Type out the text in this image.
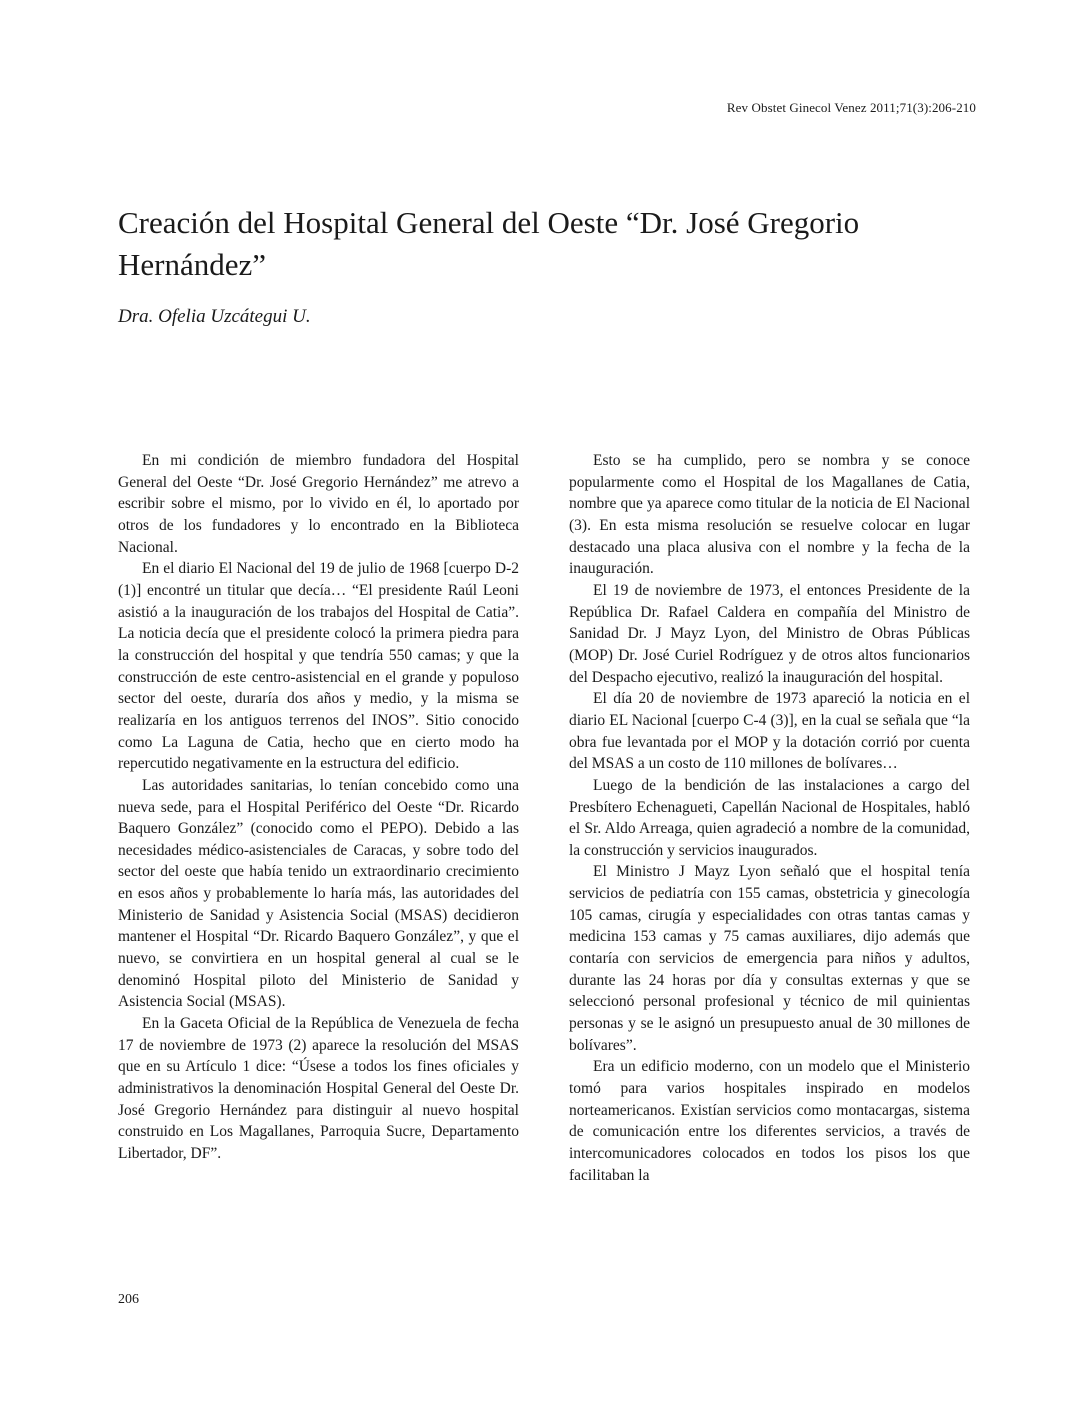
Rev Obstet Ginecol Venez 2011;71(3):206-210
Creación del Hospital General del Oeste “Dr. José Gregorio Hernández”

Dra. Ofelia Uzcátegui U.

En mi condición de miembro fundadora del Hospital General del Oeste “Dr. José Gregorio Hernández” me atrevo a escribir sobre el mismo, por lo vivido en él, lo aportado por otros de los fundadores y lo encontrado en la Biblioteca Nacional.

En el diario El Nacional del 19 de julio de 1968 [cuerpo D-2 (1)] encontré un titular que decía… “El presidente Raúl Leoni asistió a la inauguración de los trabajos del Hospital de Catia”. La noticia decía que el presidente colocó la primera piedra para la construcción del hospital y que tendría 550 camas; y que la construcción de este centro-asistencial en el grande y populoso sector del oeste, duraría dos años y medio, y la misma se realizaría en los antiguos terrenos del INOS”. Sitio conocido como La Laguna de Catia, hecho que en cierto modo ha repercutido negativamente en la estructura del edificio.

Las autoridades sanitarias, lo tenían concebido como una nueva sede, para el Hospital Periférico del Oeste “Dr. Ricardo Baquero González” (conocido como el PEPO). Debido a las necesidades médico-asistenciales de Caracas, y sobre todo del sector del oeste que había tenido un extraordinario crecimiento en esos años y probablemente lo haría más, las autoridades del Ministerio de Sanidad y Asistencia Social (MSAS) decidieron mantener el Hospital “Dr. Ricardo Baquero González”, y que el nuevo, se convirtiera en un hospital general al cual se le denominó Hospital piloto del Ministerio de Sanidad y Asistencia Social (MSAS).

En la Gaceta Oficial de la República de Venezuela de fecha 17 de noviembre de 1973 (2) aparece la resolución del MSAS que en su Artículo 1 dice: “Úsese a todos los fines oficiales y administrativos la denominación Hospital General del Oeste Dr. José Gregorio Hernández para distinguir al nuevo hospital construido en Los Magallanes, Parroquia Sucre, Departamento Libertador, DF”.

Esto se ha cumplido, pero se nombra y se conoce popularmente como el Hospital de los Magallanes de Catia, nombre que ya aparece como titular de la noticia de El Nacional (3). En esta misma resolución se resuelve colocar en lugar destacado una placa alusiva con el nombre y la fecha de la inauguración.

El 19 de noviembre de 1973, el entonces Presidente de la República Dr. Rafael Caldera en compañía del Ministro de Sanidad Dr. J Mayz Lyon, del Ministro de Obras Públicas (MOP) Dr. José Curiel Rodríguez y de otros altos funcionarios del Despacho ejecutivo, realizó la inauguración del hospital.

El día 20 de noviembre de 1973 apareció la noticia en el diario EL Nacional [cuerpo C-4 (3)], en la cual se señala que “la obra fue levantada por el MOP y la dotación corrió por cuenta del MSAS a un costo de 110 millones de bolívares…

Luego de la bendición de las instalaciones a cargo del Presbítero Echenagueti, Capellán Nacional de Hospitales, habló el Sr. Aldo Arreaga, quien agradeció a nombre de la comunidad, la construcción y servicios inaugurados.

El Ministro J Mayz Lyon señaló que el hospital tenía servicios de pediatría con 155 camas, obstetricia y ginecología 105 camas, cirugía y especialidades con otras tantas camas y medicina 153 camas y 75 camas auxiliares, dijo además que contaría con servicios de emergencia para niños y adultos, durante las 24 horas por día y consultas externas y que se seleccionó personal profesional y técnico de mil quinientas personas y se le asignó un presupuesto anual de 30 millones de bolívares”.

Era un edificio moderno, con un modelo que el Ministerio tomó para varios hospitales inspirado en modelos norteamericanos. Existían servicios como montacargas, sistema de comunicación entre los diferentes servicios, a través de intercomunicadores colocados en todos los pisos los que facilitaban la

206
